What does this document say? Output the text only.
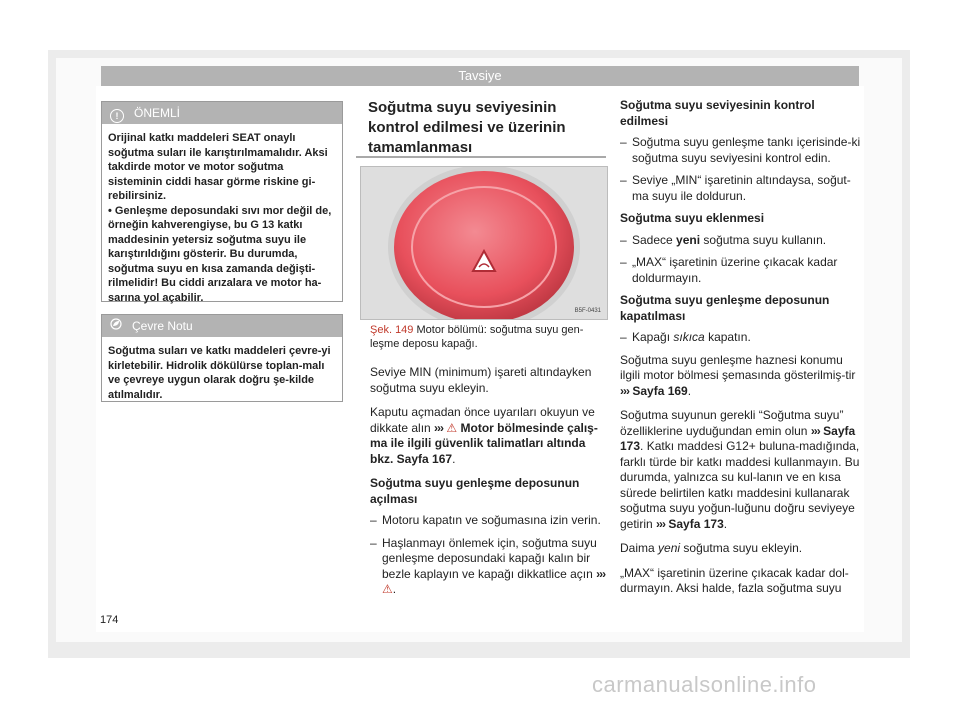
Tavsiye
! ÖNEMLİ

Orijinal katkı maddeleri SEAT onaylı soğutma suları ile karıştırılmamalıdır. Aksi takdirde motor ve motor soğutma sisteminin ciddi hasar görme riskine gi-rebilirsiniz.

• Genleşme deposundaki sıvı mor değil de, örneğin kahverengiyse, bu G 13 katkı maddesinin yetersiz soğutma suyu ile karıştırıldığını gösterir. Bu durumda, soğutma suyu en kısa zamanda değişti-rilmelidir! Bu ciddi arızalara ve motor ha-sarına yol açabilir.

Çevre Notu

Soğutma suları ve katkı maddeleri çevre-yi kirletebilir. Hidrolik dökülürse toplan-malı ve çevreye uygun olarak doğru şe-kilde atılmalıdır.

Soğutma suyu seviyesinin kontrol edilmesi ve üzerinin tamamlanması
B5F-0431
Şek. 149 Motor bölümü: soğutma suyu gen-leşme deposu kapağı.

Seviye MIN (minimum) işareti altındayken soğutma suyu ekleyin.

Kaputu açmadan önce uyarıları okuyun ve dikkate alın ››› ⚠ Motor bölmesinde çalış-ma ile ilgili güvenlik talimatları altında bkz. Sayfa 167.

Soğutma suyu genleşme deposunun açılması

– Motoru kapatın ve soğumasına izin verin.
– Haşlanmayı önlemek için, soğutma suyu genleşme deposundaki kapağı kalın bir bezle kaplayın ve kapağı dikkatlice açın ››› ⚠.
Soğutma suyu seviyesinin kontrol edilmesi
– Soğutma suyu genleşme tankı içerisinde-ki soğutma suyu seviyesini kontrol edin.
– Seviye „MIN“ işaretinin altındaysa, soğut-ma suyu ile doldurun.
Soğutma suyu eklenmesi
– Sadece yeni soğutma suyu kullanın.
– „MAX“ işaretinin üzerine çıkacak kadar doldurmayın.
Soğutma suyu genleşme deposunun kapatılması
– Kapağı sıkıca kapatın.

Soğutma suyu genleşme haznesi konumu ilgili motor bölmesi şemasında gösterilmiş-tir ››› Sayfa 169.

Soğutma suyunun gerekli “Soğutma suyu” özelliklerine uyduğundan emin olun ››› Sayfa 173. Katkı maddesi G12+ buluna-madığında, farklı türde bir katkı maddesi kullanmayın. Bu durumda, yalnızca su kul-lanın ve en kısa sürede belirtilen katkı maddesini kullanarak soğutma suyu yoğun-luğunu doğru seviyeye getirin ››› Sayfa 173.

Daima yeni soğutma suyu ekleyin.

„MAX“ işaretinin üzerine çıkacak kadar dol-durmayın. Aksi halde, fazla soğutma suyu

174
carmanualsonline.info
